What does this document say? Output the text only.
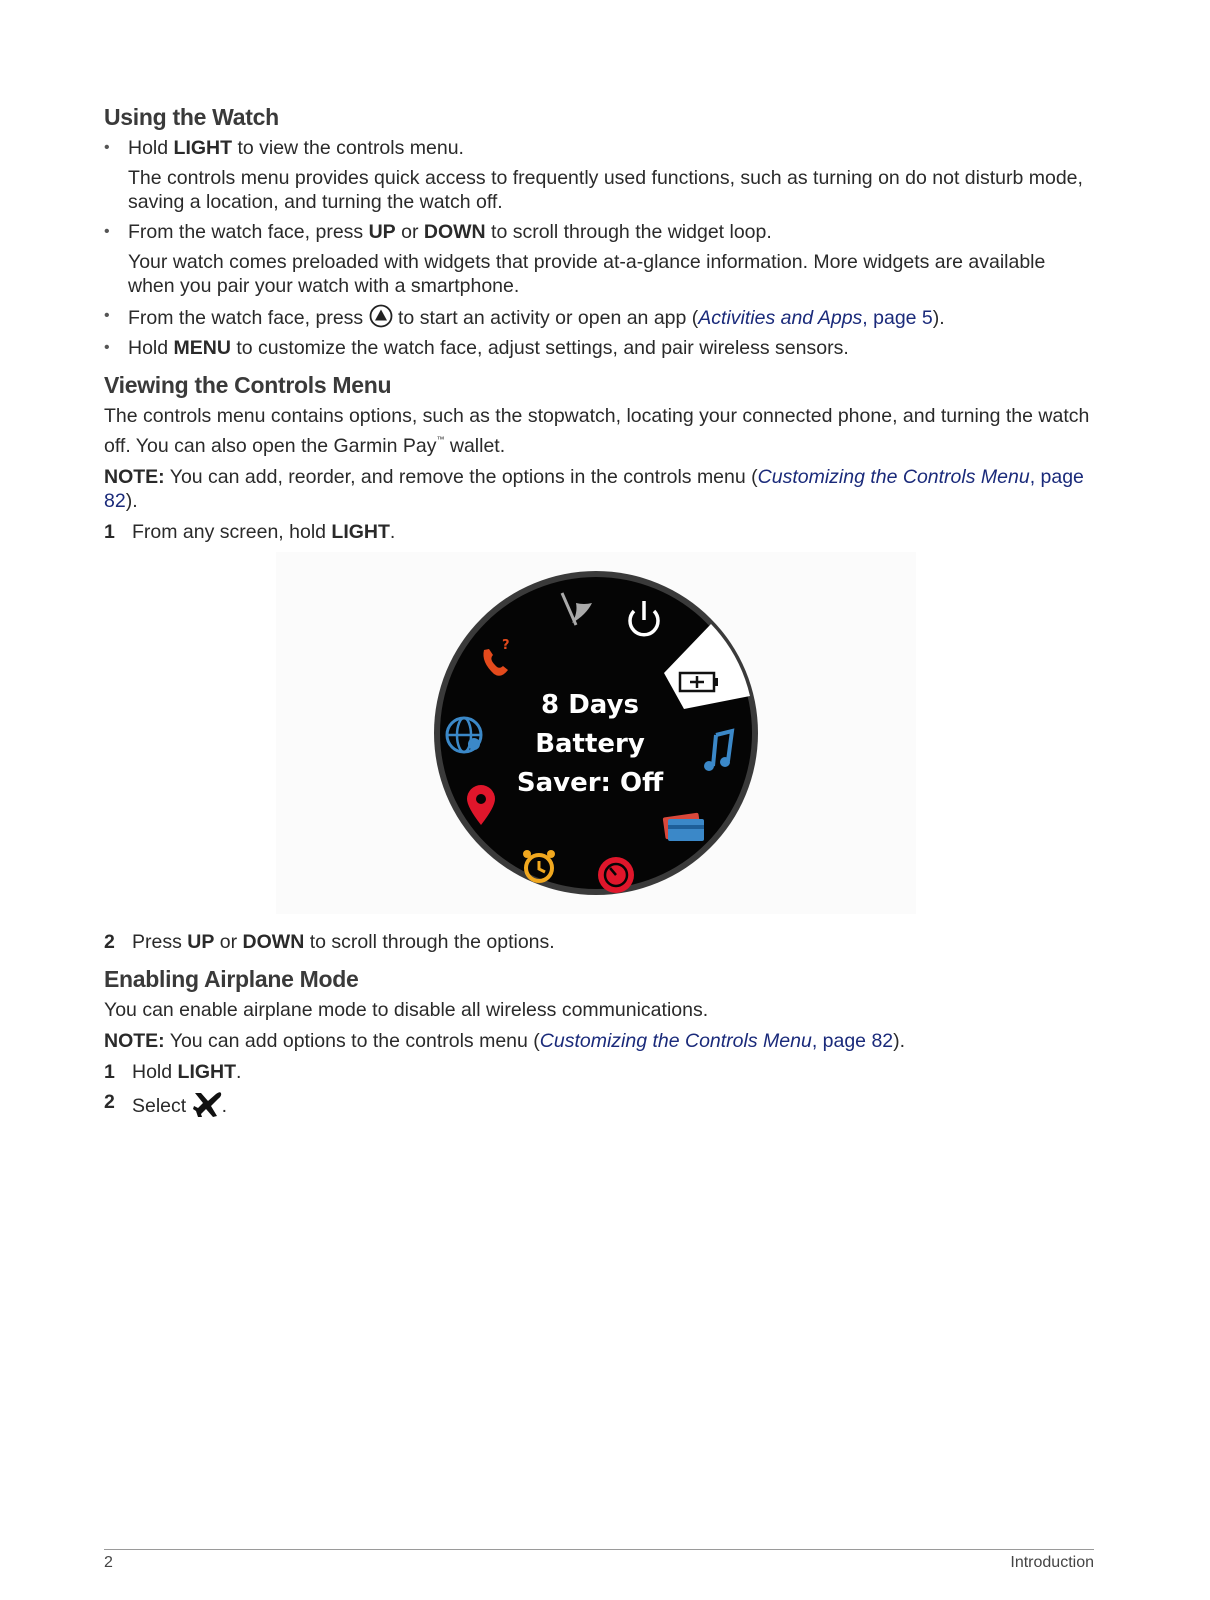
Using the Watch
• Hold LIGHT to view the controls menu.

The controls menu provides quick access to frequently used functions, such as turning on do not disturb mode, saving a location, and turning the watch off.

• From the watch face, press UP or DOWN to scroll through the widget loop.

Your watch comes preloaded with widgets that provide at-a-glance information. More widgets are available when you pair your watch with a smartphone.

• From the watch face, press  to start an activity or open an app (Activities and Apps, page 5).
• Hold MENU to customize the watch face, adjust settings, and pair wireless sensors.
Viewing the Controls Menu

The controls menu contains options, such as the stopwatch, locating your connected phone, and turning the watch off. You can also open the Garmin Pay™ wallet.

NOTE: You can add, reorder, and remove the options in the controls menu (Customizing the Controls Menu, page 82).

1 From any screen, hold LIGHT.
?
8 Days
Battery
Saver: Off
2 Press UP or DOWN to scroll through the options.
Enabling Airplane Mode

You can enable airplane mode to disable all wireless communications.

NOTE: You can add options to the controls menu (Customizing the Controls Menu, page 82).

1 Hold LIGHT.
2 Select .
2	Introduction
